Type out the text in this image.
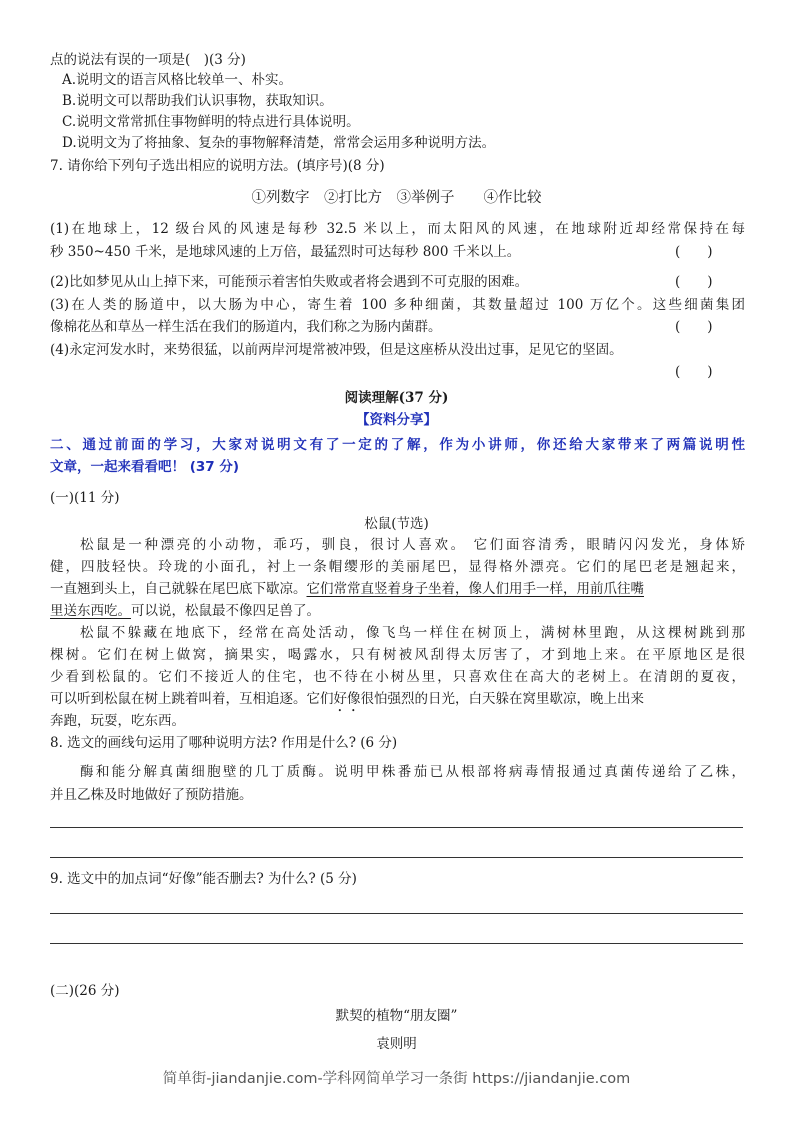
点的说法有误的一项是(　)(3 分)
A.说明文的语言风格比较单一、朴实。
B.说明文可以帮助我们认识事物，获取知识。
C.说明文常常抓住事物鲜明的特点进行具体说明。
D.说明文为了将抽象、复杂的事物解释清楚，常常会运用多种说明方法。
7. 请你给下列句子选出相应的说明方法。(填序号)(8 分)
①列数字　②打比方　③举例子　　④作比较
(1)在地球上，12 级台风的风速是每秒 32.5 米以上，而太阳风的风速，在地球附近却经常保持在每
秒 350~450 千米，是地球风速的上万倍，最猛烈时可达每秒 800 千米以上。	(　　)
(2)比如梦见从山上掉下来，可能预示着害怕失败或者将会遇到不可克服的困难。	(　　)
(3)在人类的肠道中，以大肠为中心，寄生着 100 多种细菌，其数量超过 100 万亿个。这些细菌集团
像棉花丛和草丛一样生活在我们的肠道内，我们称之为肠内菌群。	(　　)
(4)永定河发水时，来势很猛，以前两岸河堤常被冲毁，但是这座桥从没出过事，足见它的坚固。
(　　)
阅读理解(37 分)
【资料分享】
二、通过前面的学习，大家对说明文有了一定的了解，作为小讲师，你还给大家带来了两篇说明性
文章，一起来看看吧！ (37 分)
(一)(11 分)
松鼠(节选)
松鼠是一种漂亮的小动物，乖巧，驯良，很讨人喜欢。 它们面容清秀，眼睛闪闪发光，身体矫
健，四肢轻快。玲珑的小面孔，衬上一条帽缨形的美丽尾巴，显得格外漂亮。它们的尾巴老是翘起来，
一直翘到头上，自己就躲在尾巴底下歇凉。它们常常直竖着身子坐着，像人们用手一样，用前爪往嘴
里送东西吃。可以说，松鼠最不像四足兽了。
松鼠不躲藏在地底下，经常在高处活动，像飞鸟一样住在树顶上，满树林里跑，从这棵树跳到那
棵树。它们在树上做窝，摘果实，喝露水，只有树被风刮得太厉害了，才到地上来。在平原地区是很
少看到松鼠的。它们不接近人的住宅，也不待在小树丛里，只喜欢住在高大的老树上。在清朗的夏夜，
可以听到松鼠在树上跳着叫着，互相追逐。它们好像很怕强烈的日光，白天躲在窝里歇凉，晚上出来
奔跑，玩耍，吃东西。
8. 选文的画线句运用了哪种说明方法? 作用是什么? (6 分)
酶和能分解真菌细胞壁的几丁质酶。说明甲株番茄已从根部将病毒情报通过真菌传递给了乙株，
并且乙株及时地做好了预防措施。
9. 选文中的加点词“好像”能否删去? 为什么? (5 分)
(二)(26 分)
默契的植物“朋友圈”
袁则明
简单街-jiandanjie.com-学科网简单学习一条街 https://jiandanjie.com
